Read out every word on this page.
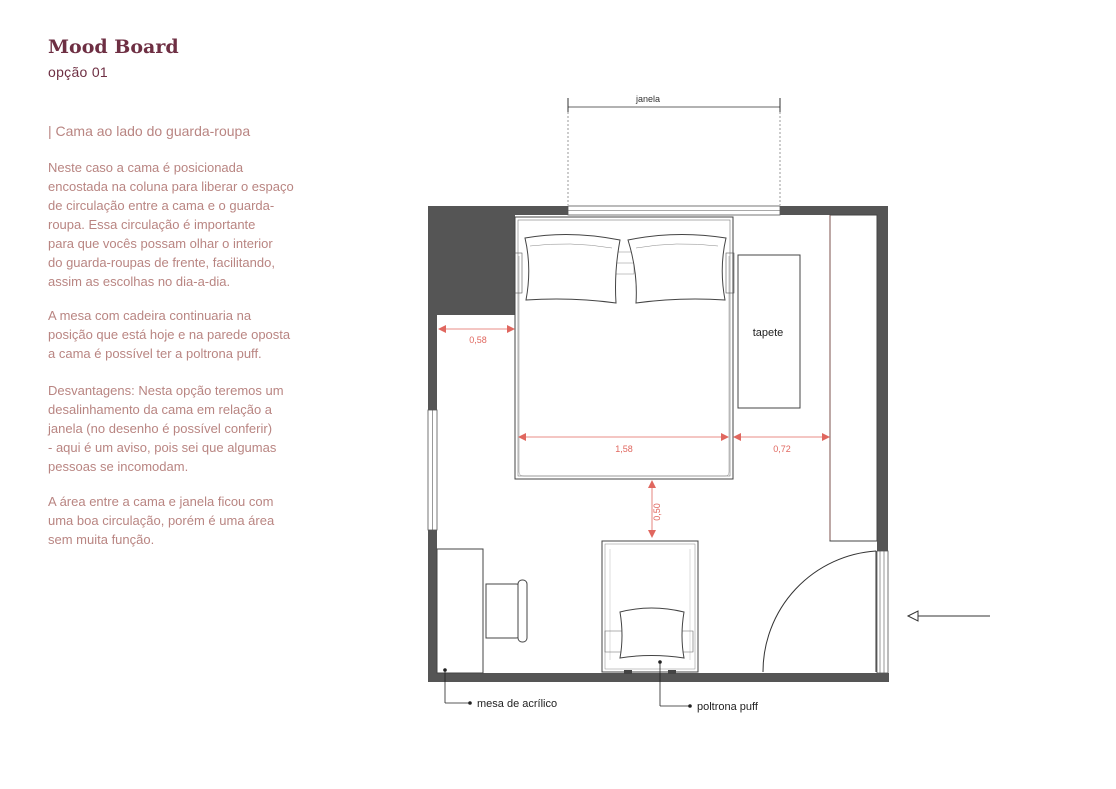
Mood Board
opção 01
| Cama ao lado do guarda-roupa
Neste caso a cama é posicionada
encostada na coluna para liberar o espaço
de circulação entre a cama e o guarda-
roupa. Essa circulação é importante
para que vocês possam olhar o interior
do guarda-roupas de frente, facilitando,
assim as escolhas no dia-a-dia.
A mesa com cadeira continuaria na
posição que está hoje e na parede oposta
a cama é possível ter a poltrona puff.
Desvantagens: Nesta opção teremos um
desalinhamento da cama em relação a
janela (no desenho é possível conferir)
- aqui é um aviso, pois sei que algumas
pessoas se incomodam.
A área entre a cama e janela ficou com
uma boa circulação, porém é uma área
sem muita função.
janela
tapete
0,58
1,58	0,72
0,50
mesa de acrílico	poltrona puff
